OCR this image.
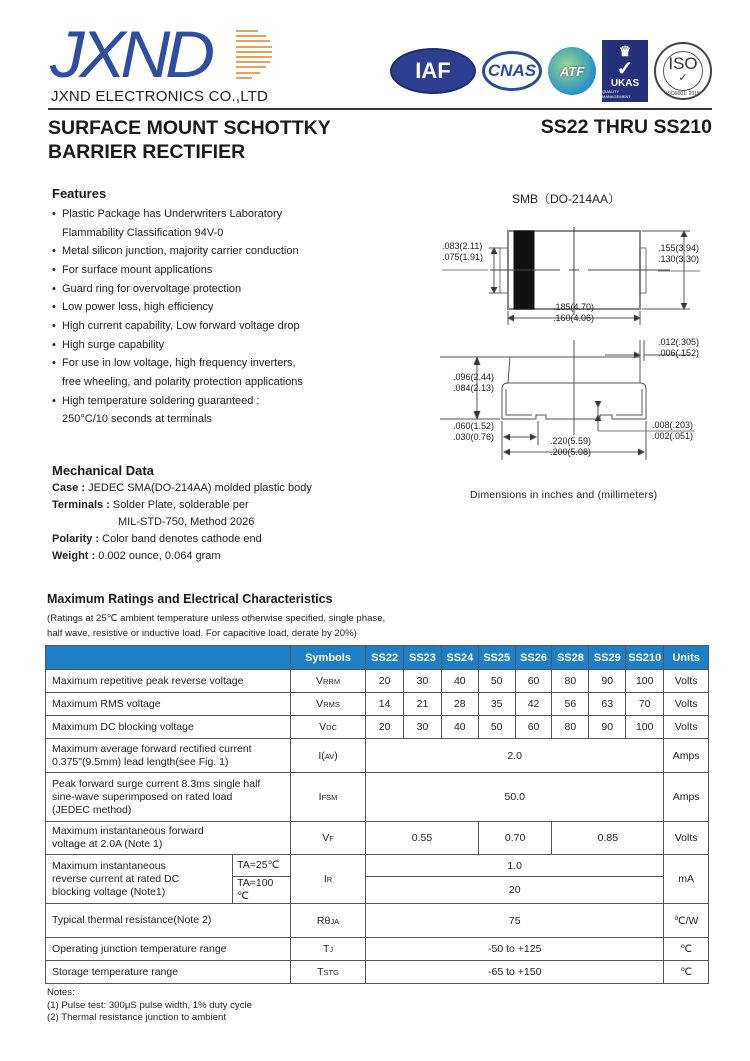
JXND
JXND ELECTRONICS CO.,LTD
IAF CNAS ATF
♛
✓
UKAS
QUALITY MANAGEMENT
ISO
✓
ISO9001: 2015
SURFACE MOUNT SCHOTTKY
BARRIER RECTIFIER
SS22 THRU SS210
Features
• Plastic Package has Underwriters Laboratory
Flammability Classification 94V-0
• Metal silicon junction, majority carrier conduction
• For surface mount applications
• Guard ring for overvoltage protection
• Low power loss, high efficiency
• High current capability, Low forward voltage drop
• High surge capability
• For use in low voltage, high frequency inverters,
free wheeling, and polarity protection applications
• High temperature soldering guaranteed :
250°C/10 seconds at terminals
Mechanical Data
Case : JEDEC SMA(DO-214AA) molded plastic body
Terminals : Solder Plate, solderable per
MIL-STD-750, Method 2026
Polarity : Color band denotes cathode end
Weight : 0.002 ounce, 0.064 gram
SMB（DO-214AA）
.083(2.11)
.075(1.91)
.155(3.94)
.130(3.30)
.185(4.70)
.160(4.06)
.012(.305)
.006(.152)
.096(2.44)
.084(2.13)
.060(1.52)
.030(0.76)
.008(.203)
.002(.051)
.220(5.59)
.200(5.08)
Dimensions in inches and (millimeters)
Maximum Ratings and Electrical Characteristics
(Ratings at 25℃ ambient temperature unless otherwise specified, single phase,
half wave, resistive or inductive load. For capacitive load, derate by 20%)
		Symbols	SS22	SS23	SS24	SS25	SS26	SS28	SS29	SS210	Units
Maximum repetitive peak reverse voltage		VRRM	20	30	40	50	60	80	90	100	Volts
Maximum RMS voltage		VRMS	14	21	28	35	42	56	63	70	Volts
Maximum DC blocking voltage		VDC	20	30	40	50	60	80	90	100	Volts

Maximum average forward rectified current
0.375"(9.5mm) lead length(see Fig. 1)		I(AV)	2.0								Amps

Peak forward surge current 8.3ms single half
sine-wave superimposed on rated load
(JEDEC method)		IFSM	50.0								Amps

Maximum instantaneous forward
voltage at 2.0A (Note 1)		VF	0.55			0.70		0.85			Volts

Maximum instantaneous
reverse current at rated DC
blocking voltage (Note1)	TA=25℃	IR	1.0								mA
	TA=100 ℃		20								
Typical thermal resistance(Note 2)		RθJA	75								℃/W
Operating junction temperature range		TJ	-50 to +125								℃
Storage temperature range		TSTG	-65 to +150								℃
Notes:
(1) Pulse test: 300μS pulse width, 1% duty cycle
(2) Thermal resistance junction to ambient
